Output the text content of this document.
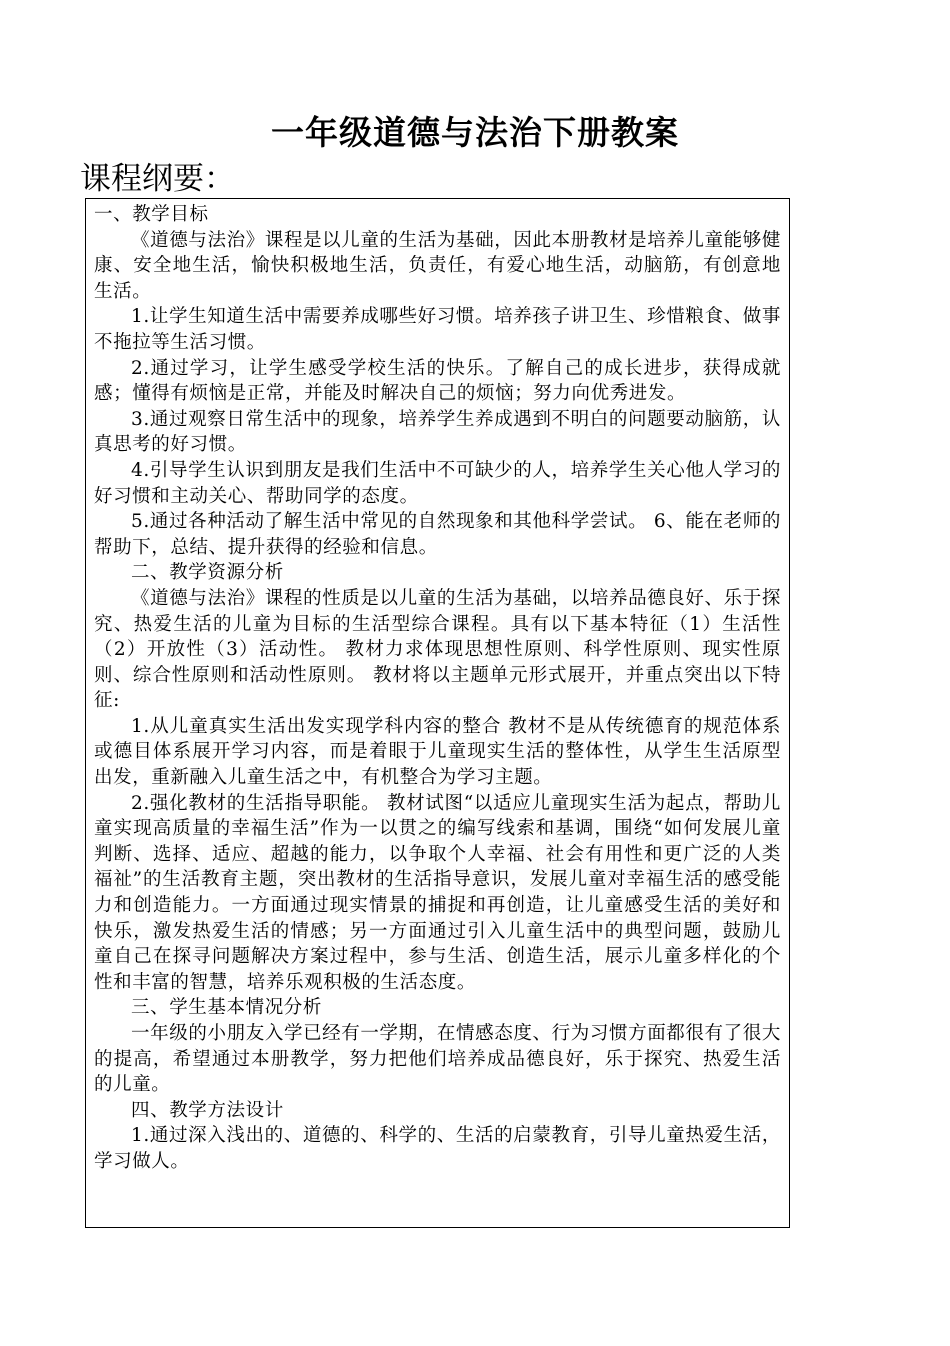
一年级道德与法治下册教案
课程纲要：

一、教学目标

《道德与法治》课程是以儿童的生活为基础，因此本册教材是培养儿童能够健康、安全地生活，愉快积极地生活，负责任，有爱心地生活，动脑筋，有创意地生活。

1.让学生知道生活中需要养成哪些好习惯。培养孩子讲卫生、珍惜粮食、做事不拖拉等生活习惯。

2.通过学习，让学生感受学校生活的快乐。了解自己的成长进步，获得成就感；懂得有烦恼是正常，并能及时解决自己的烦恼；努力向优秀进发。

3.通过观察日常生活中的现象，培养学生养成遇到不明白的问题要动脑筋，认真思考的好习惯。

4.引导学生认识到朋友是我们生活中不可缺少的人，培养学生关心他人学习的好习惯和主动关心、帮助同学的态度。

5.通过各种活动了解生活中常见的自然现象和其他科学尝试。 6、能在老师的帮助下，总结、提升获得的经验和信息。

二、教学资源分析

《道德与法治》课程的性质是以儿童的生活为基础，以培养品德良好、乐于探究、热爱生活的儿童为目标的生活型综合课程。具有以下基本特征（1）生活性（2）开放性（3）活动性。 教材力求体现思想性原则、科学性原则、现实性原则、综合性原则和活动性原则。 教材将以主题单元形式展开，并重点突出以下特征:

1.从儿童真实生活出发实现学科内容的整合 教材不是从传统德育的规范体系或德目体系展开学习内容，而是着眼于儿童现实生活的整体性，从学生生活原型出发，重新融入儿童生活之中，有机整合为学习主题。

2.强化教材的生活指导职能。 教材试图“以适应儿童现实生活为起点，帮助儿童实现高质量的幸福生活”作为一以贯之的编写线索和基调，围绕“如何发展儿童判断、选择、适应、超越的能力，以争取个人幸福、社会有用性和更广泛的人类福祉”的生活教育主题，突出教材的生活指导意识，发展儿童对幸福生活的感受能力和创造能力。一方面通过现实情景的捕捉和再创造，让儿童感受生活的美好和快乐，激发热爱生活的情感；另一方面通过引入儿童生活中的典型问题，鼓励儿童自己在探寻问题解决方案过程中，参与生活、创造生活，展示儿童多样化的个性和丰富的智慧，培养乐观积极的生活态度。

三、学生基本情况分析

一年级的小朋友入学已经有一学期，在情感态度、行为习惯方面都很有了很大的提高，希望通过本册教学，努力把他们培养成品德良好，乐于探究、热爱生活的儿童。

四、教学方法设计

1.通过深入浅出的、道德的、科学的、生活的启蒙教育，引导儿童热爱生活，学习做人。
